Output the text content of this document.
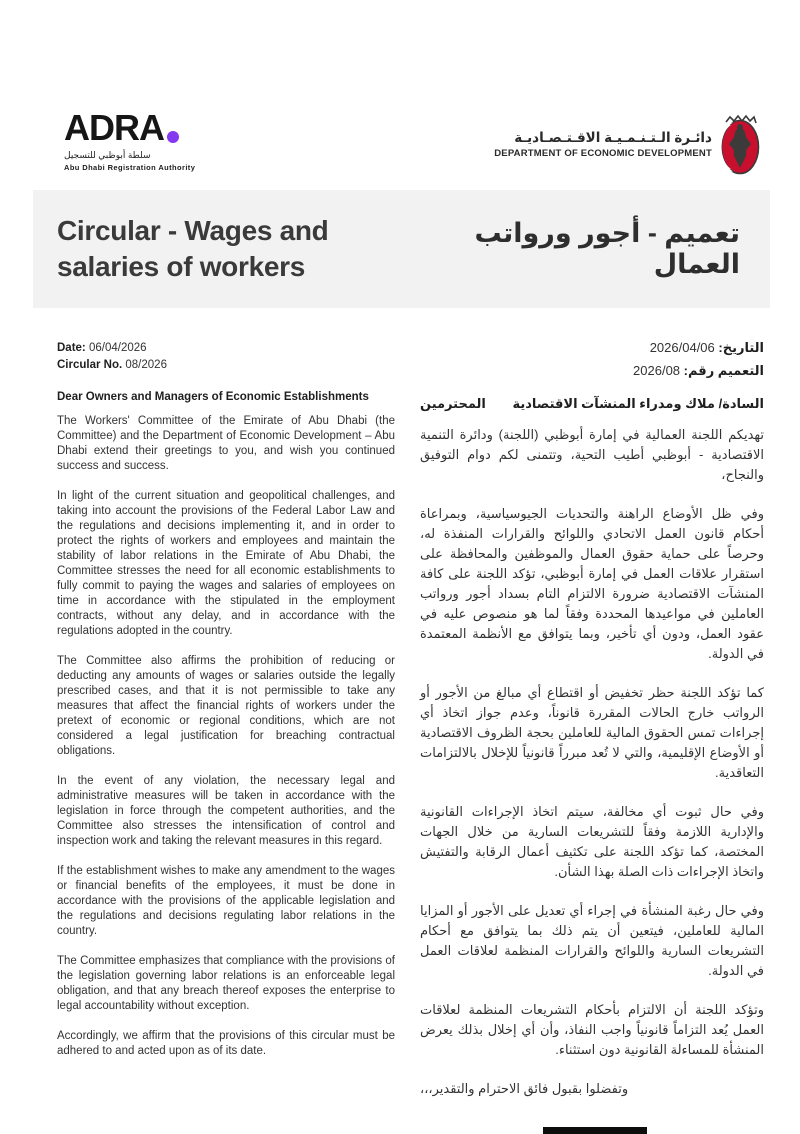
ADRA
سلطة أبوظبي للتسجيل
Abu Dhabi Registration Authority
دائـرة الـتـنـمـيـة الاقـتـصـاديـة
DEPARTMENT OF ECONOMIC DEVELOPMENT
Circular - Wages and salaries of workers
تعميم - أجور ورواتب العمال
Date: 06/04/2026
Circular No. 08/2026
Dear Owners and Managers of Economic Establishments

The Workers' Committee of the Emirate of Abu Dhabi (the Committee) and the Department of Economic Development – Abu Dhabi extend their greetings to you, and wish you continued success and success.

In light of the current situation and geopolitical challenges, and taking into account the provisions of the Federal Labor Law and the regulations and decisions implementing it, and in order to protect the rights of workers and employees and maintain the stability of labor relations in the Emirate of Abu Dhabi, the Committee stresses the need for all economic establishments to fully commit to paying the wages and salaries of employees on time in accordance with the stipulated in the employment contracts, without any delay, and in accordance with the regulations adopted in the country.

The Committee also affirms the prohibition of reducing or deducting any amounts of wages or salaries outside the legally prescribed cases, and that it is not permissible to take any measures that affect the financial rights of workers under the pretext of economic or regional conditions, which are not considered a legal justification for breaching contractual obligations.

In the event of any violation, the necessary legal and administrative measures will be taken in accordance with the legislation in force through the competent authorities, and the Committee also stresses the intensification of control and inspection work and taking the relevant measures in this regard.

If the establishment wishes to make any amendment to the wages or financial benefits of the employees, it must be done in accordance with the provisions of the applicable legislation and the regulations and decisions regulating labor relations in the country.

The Committee emphasizes that compliance with the provisions of the legislation governing labor relations is an enforceable legal obligation, and that any breach thereof exposes the enterprise to legal accountability without exception.

Accordingly, we affirm that the provisions of this circular must be adhered to and acted upon as of its date.

التاريخ: 2026/04/06
التعميم رقم: 2026/08
السادة/ ملاك ومدراء المنشآت الاقتصادية
المحترمين

تهديكم اللجنة العمالية في إمارة أبوظبي (اللجنة) ودائرة التنمية الاقتصادية - أبوظبي أطيب التحية، وتتمنى لكم دوام التوفيق والنجاح،

وفي ظل الأوضاع الراهنة والتحديات الجيوسياسية، وبمراعاة أحكام قانون العمل الاتحادي واللوائح والقرارات المنفذة له، وحرصاً على حماية حقوق العمال والموظفين والمحافظة على استقرار علاقات العمل في إمارة أبوظبي، تؤكد اللجنة على كافة المنشآت الاقتصادية ضرورة الالتزام التام بسداد أجور ورواتب العاملين في مواعيدها المحددة وفقاً لما هو منصوص عليه في عقود العمل، ودون أي تأخير، وبما يتوافق مع الأنظمة المعتمدة في الدولة.

كما تؤكد اللجنة حظر تخفيض أو اقتطاع أي مبالغ من الأجور أو الرواتب خارج الحالات المقررة قانوناً، وعدم جواز اتخاذ أي إجراءات تمس الحقوق المالية للعاملين بحجة الظروف الاقتصادية أو الأوضاع الإقليمية، والتي لا تُعد مبرراً قانونياً للإخلال بالالتزامات التعاقدية.

وفي حال ثبوت أي مخالفة، سيتم اتخاذ الإجراءات القانونية والإدارية اللازمة وفقاً للتشريعات السارية من خلال الجهات المختصة، كما تؤكد اللجنة على تكثيف أعمال الرقابة والتفتيش واتخاذ الإجراءات ذات الصلة بهذا الشأن.

وفي حال رغبة المنشأة في إجراء أي تعديل على الأجور أو المزايا المالية للعاملين، فيتعين أن يتم ذلك بما يتوافق مع أحكام التشريعات السارية واللوائح والقرارات المنظمة لعلاقات العمل في الدولة.

وتؤكد اللجنة أن الالتزام بأحكام التشريعات المنظمة لعلاقات العمل يُعد التزاماً قانونياً واجب النفاذ، وأن أي إخلال بذلك يعرض المنشأة للمساءلة القانونية دون استثناء.

وتفضلوا بقبول فائق الاحترام والتقدير،،،
